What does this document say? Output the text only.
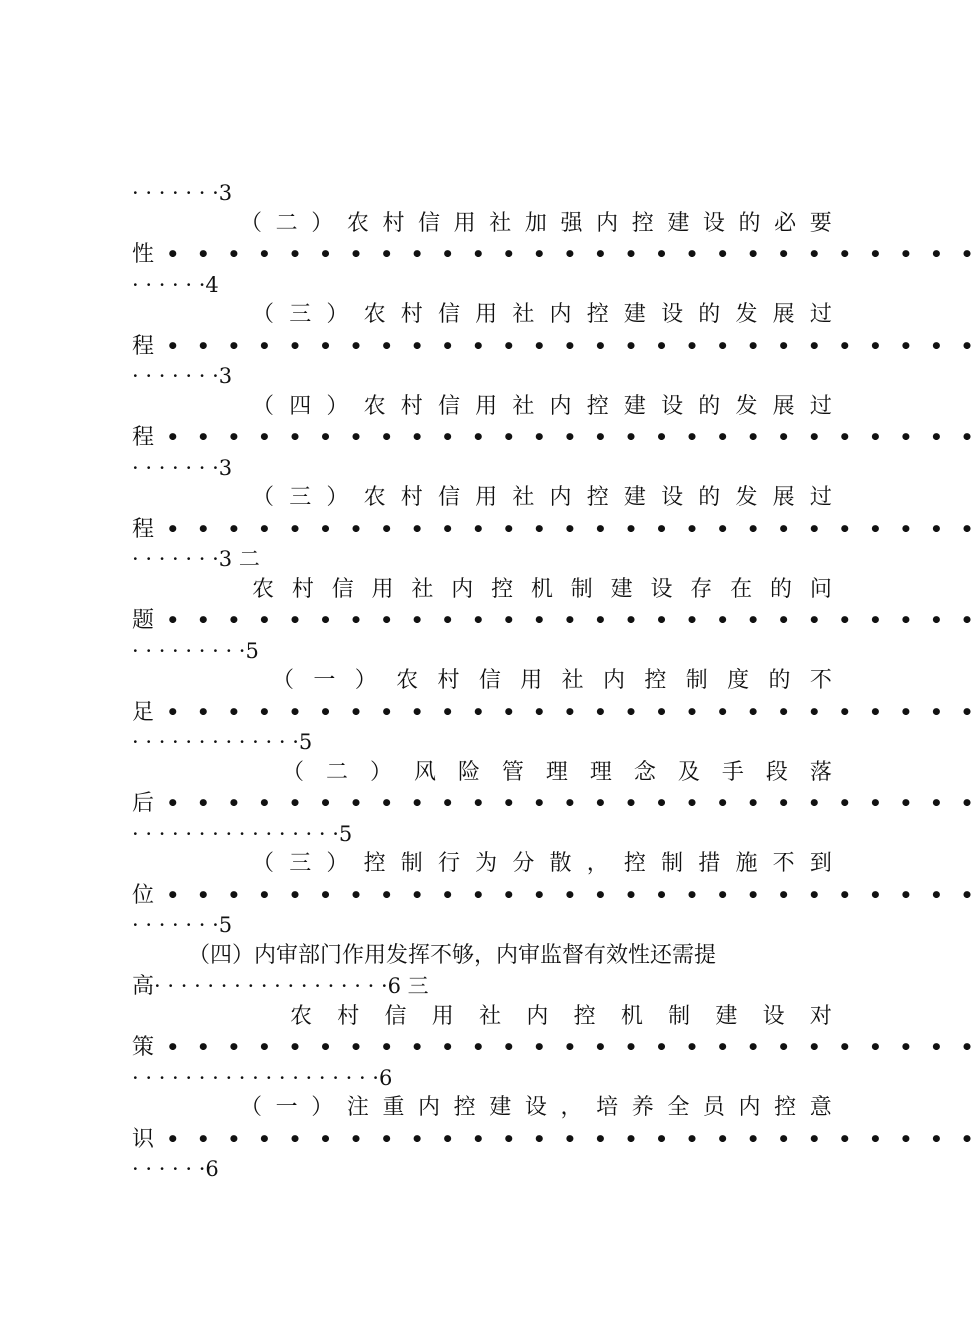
· · · · · · ·3
（ 二 ） 农 村 信 用 社 加 强 内 控 建 设 的 必 要
性 • • • • • • • • • • • • • • • • • • • • • • • • • • •
· · · · · ·4
（ 三 ） 农 村 信 用 社 内 控 建 设 的 发 展 过
程 • • • • • • • • • • • • • • • • • • • • • • • • • • •
· · · · · · ·3
（ 四 ） 农 村 信 用 社 内 控 建 设 的 发 展 过
程 • • • • • • • • • • • • • • • • • • • • • • • • • • •
· · · · · · ·3
（ 三 ） 农 村 信 用 社 内 控 建 设 的 发 展 过
程 • • • • • • • • • • • • • • • • • • • • • • • • • • •
· · · · · · ·3 二
农 村 信 用 社 内 控 机 制 建 设 存 在 的 问
题 • • • • • • • • • • • • • • • • • • • • • • • • • • •
· · · · · · · · ·5
（ 一 ） 农 村 信 用 社 内 控 制 度 的 不
足 • • • • • • • • • • • • • • • • • • • • • • • • • • •
· · · · · · · · · · · · ·5
（ 二 ） 风 险 管 理 理 念 及 手 段 落
后 • • • • • • • • • • • • • • • • • • • • • • • • • • •
· · · · · · · · · · · · · · · ·5
（ 三 ） 控 制 行 为 分 散 ， 控 制 措 施 不 到
位 • • • • • • • • • • • • • • • • • • • • • • • • • • •
· · · · · · ·5
（四）内审部门作用发挥不够，内审监督有效性还需提
高· · · · · · · · · · · · · · · · · ·6 三
农 村 信 用 社 内 控 机 制 建 设 对
策 • • • • • • • • • • • • • • • • • • • • • • • • • • •
· · · · · · · · · · · · · · · · · · ·6
（ 一 ） 注 重 内 控 建 设 ， 培 养 全 员 内 控 意
识 • • • • • • • • • • • • • • • • • • • • • • • • • • •
· · · · · ·6
